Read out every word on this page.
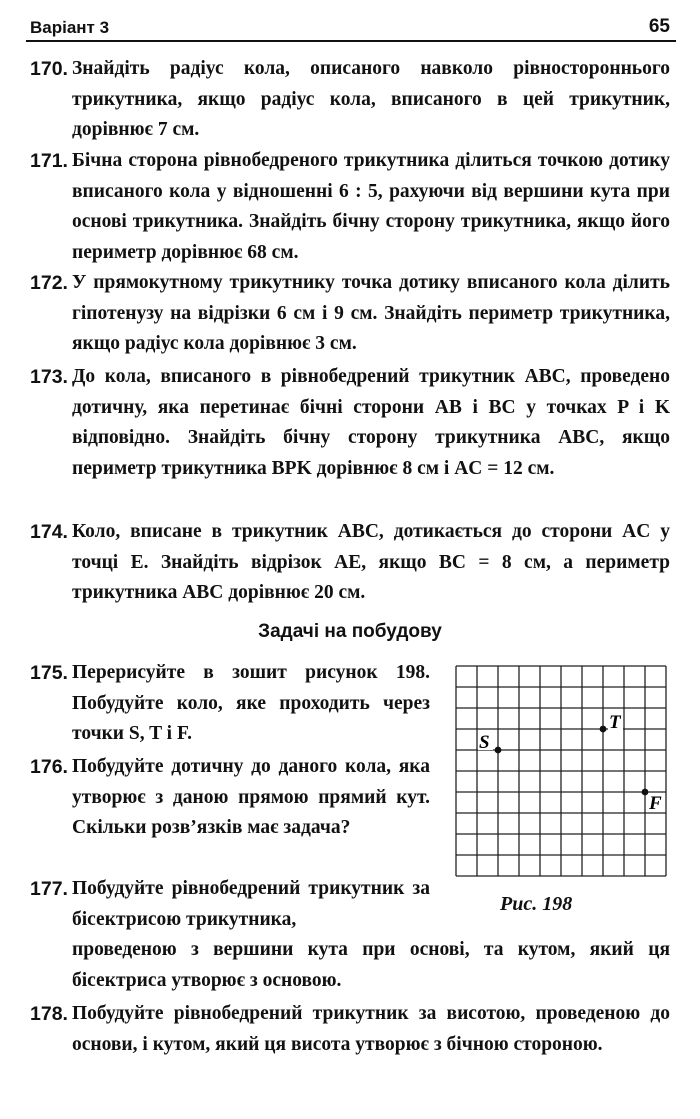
Варіант 3	65
170. Знайдіть радіус кола, описаного навколо рівностороннього трикутника, якщо радіус кола, вписаного в цей трикутник, дорівнює 7 см.
171. Бічна сторона рівнобедреного трикутника ділиться точкою дотику вписаного кола у відношенні 6 : 5, рахуючи від вершини кута при основі трикутника. Знайдіть бічну сторону трикутника, якщо його периметр дорівнює 68 см.
172. У прямокутному трикутнику точка дотику вписаного кола ділить гіпотенузу на відрізки 6 см і 9 см. Знайдіть периметр трикутника, якщо радіус кола дорівнює 3 см.
173. До кола, вписаного в рівнобедрений трикутник ABC, проведено дотичну, яка перетинає бічні сторони AB і BC у точках P і K відповідно. Знайдіть бічну сторону трикутника ABC, якщо периметр трикутника BPK дорівнює 8 см і AC = 12 см.
174. Коло, вписане в трикутник ABC, дотикається до сторони AC у точці E. Знайдіть відрізок AE, якщо BC = 8 см, а периметр трикутника ABC дорівнює 20 см.
Задачі на побудову
175. Перерисуйте в зошит рисунок 198. Побудуйте коло, яке проходить через точки S, T і F.
176. Побудуйте дотичну до даного кола, яка утворює з даною прямою прямий кут. Скільки розв’язків має задача?
177. Побудуйте рівнобедрений трикутник за бісектрисою трикутника,
проведеною з вершини кута при основі, та кутом, який ця бісектриса утворює з основою.
178. Побудуйте рівнобедрений трикутник за висотою, проведеною до основи, і кутом, який ця висота утворює з бічною стороною.
S
T
F
Рис. 198
